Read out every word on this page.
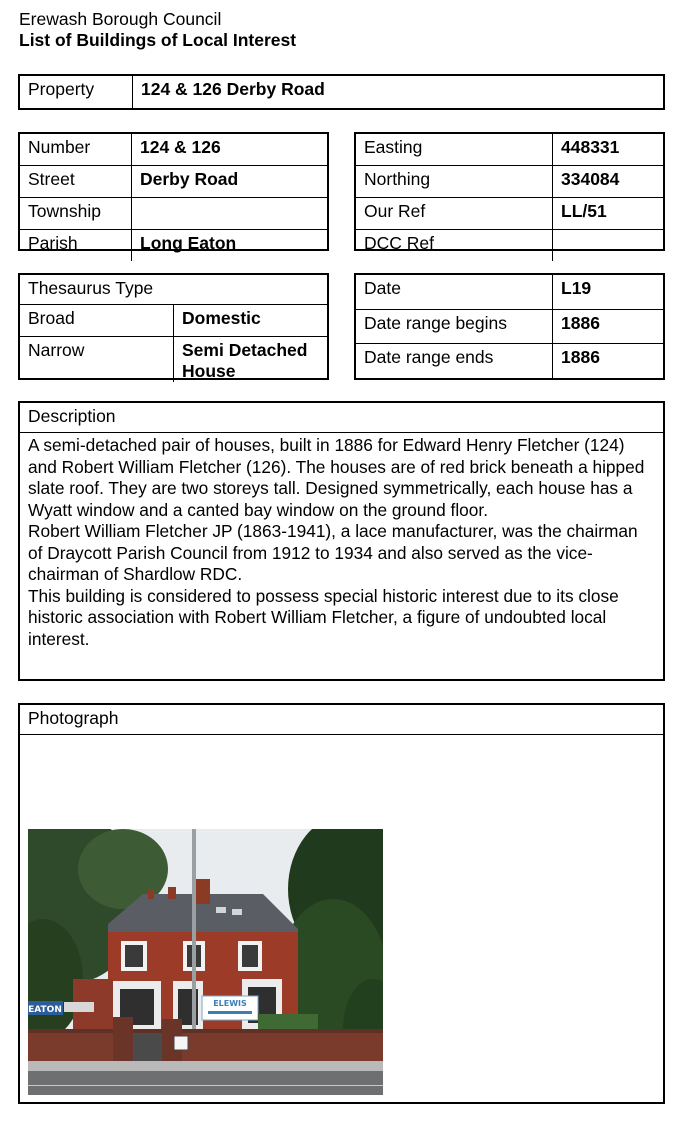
Erewash Borough Council
List of Buildings of Local Interest
Property	124 & 126 Derby Road
Number	124 & 126
Street	Derby Road
Township	
Parish	Long Eaton
Easting	448331
Northing	334084
Our Ref	LL/51
DCC Ref	
Thesaurus Type	
Broad	Domestic
Narrow	Semi Detached House
Date	L19
Date range begins	1886
Date range ends	1886
Description

A semi-detached pair of houses, built in 1886 for Edward Henry Fletcher (124) and Robert William Fletcher (126). The houses are of red brick beneath a hipped slate roof. They are two storeys tall. Designed symmetrically, each house has a Wyatt window and a canted bay window on the ground floor.

Robert William Fletcher JP (1863-1941), a lace manufacturer, was the chairman of Draycott Parish Council from 1912 to 1934 and also served as the vice-chairman of Shardlow RDC.

This building is considered to possess special historic interest due to its close historic association with Robert William Fletcher, a figure of undoubted local interest.

Photograph
ELEWIS
EATON
